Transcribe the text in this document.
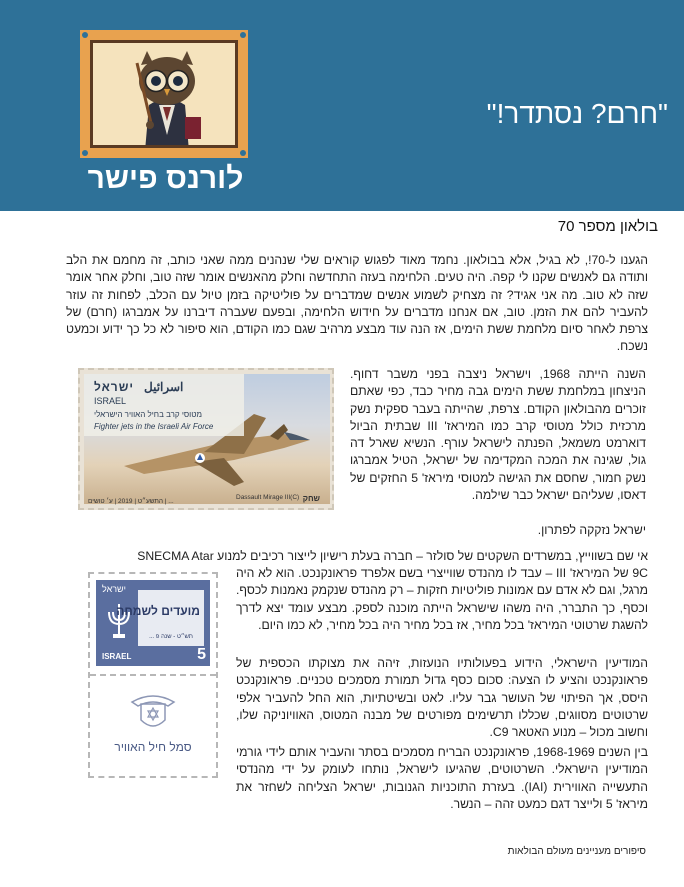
לורנס פישר
"חרם? נסתדר!"
בולאון מספר 70
הגענו ל-70!, לא בגיל, אלא בבולאון. נחמד מאוד לפגוש קוראים שלי שנהנים ממה שאני כותב, זה מחמם את הלב ותודה גם לאנשים שקנו לי קפה. היה טעים. הלחימה בעזה התחדשה וחלק מהאנשים אומר שזה טוב, וחלק אחר אומר שזה לא טוב. מה אני אגיד? זה מצחיק לשמוע אנשים שמדברים על פוליטיקה בזמן טיול עם הכלב, לפחות זה עוזר להעביר להם את הזמן. טוב, אם אנחנו מדברים על חידוש הלחימה, ובפעם שעברה דיברנו על אמברגו (חרם) של צרפת לאחר סיום מלחמת ששת הימים, אז הנה עוד מבצע מרהיב שגם כמו הקודם, הוא סיפור לא כל כך ידוע וכמעט נשכח.
ישראל اسرائيل
ISRAEL
מטוסי קרב בחיל האוויר הישראלי
Fighter jets in the Israeli Air Force
התשע״ט | 2019 | ע׳ טושים | ...
Dassault Mirage III(C) שחק
השנה הייתה 1968, וישראל ניצבה בפני משבר דחוף. הניצחון במלחמת ששת הימים גבה מחיר כבד, כפי שאתם זוכרים מהבולאון הקודם. צרפת, שהייתה בעבר ספקית נשק מרכזית כולל מטוסי קרב כמו המיראז' III שבתית הביול דוארמט משמאל, הפנתה לישראל עורף. הנשיא שארל דה גול, שגינה את המכה המקדימה של ישראל, הטיל אמברגו נשק חמור, שחסם את הגישה למטוסי מיראז' 5 החזקים של דאסו, שעליהם ישראל כבר שילמה.
ישראל נזקקה לפתרון.
אי שם בשווייץ, במשרדים השקטים של סולזר – חברה בעלת רישיון לייצור רכיבים למנוע SNECMA Atar
9C של המיראז' III – עבד לו מהנדס שווייצרי בשם אלפרד פראונקנכט. הוא לא היה מרגל, וגם לא אדם עם אמונות פוליטיות חזקות – רק מהנדס שנקמק נאמנות לכסף. וכסף, כך התברר, היה משהו שישראל הייתה מוכנה לספק. מבצע עומד יצא לדרך להשגת שרטוטי המיראז' בכל מחיר, אז בכל מחיר היה בכל מחיר, לא כמו היום.
מועדים לשמחה
תש״ט - שנה פ ...
ישראל
ISRAEL	5
סמל חיל האוויר
המודיעין הישראלי, הידוע בפעולותיו הנועזות, זיהה את מצוקתו הכספית של פראונקנכט והציע לו הצעה: סכום כסף גדול תמורת מסמכים טכניים. פראונקנכט היסס, אך הפיתוי של העושר גבר עליו. לאט ובשיטתיות, הוא החל להעביר אלפי שרטוטים מסווגים, שכללו תרשימים מפורטים של מבנה המטוס, האוויוניקה שלו, וחשוב מכול – מנוע האטאר C9.
בין השנים 1968-1969, פראונקנכט הבריח מסמכים בסתר והעביר אותם לידי גורמי המודיעין הישראלי. השרטוטים, שהגיעו לישראל, נותחו לעומק על ידי מהנדסי התעשייה האווירית (IAI). בעזרת התוכניות הגנובות, ישראל הצליחה לשחזר את מיראז' 5 ולייצר דגם כמעט זהה – הנשר.
סיפורים מעניינים מעולם הבולאות
